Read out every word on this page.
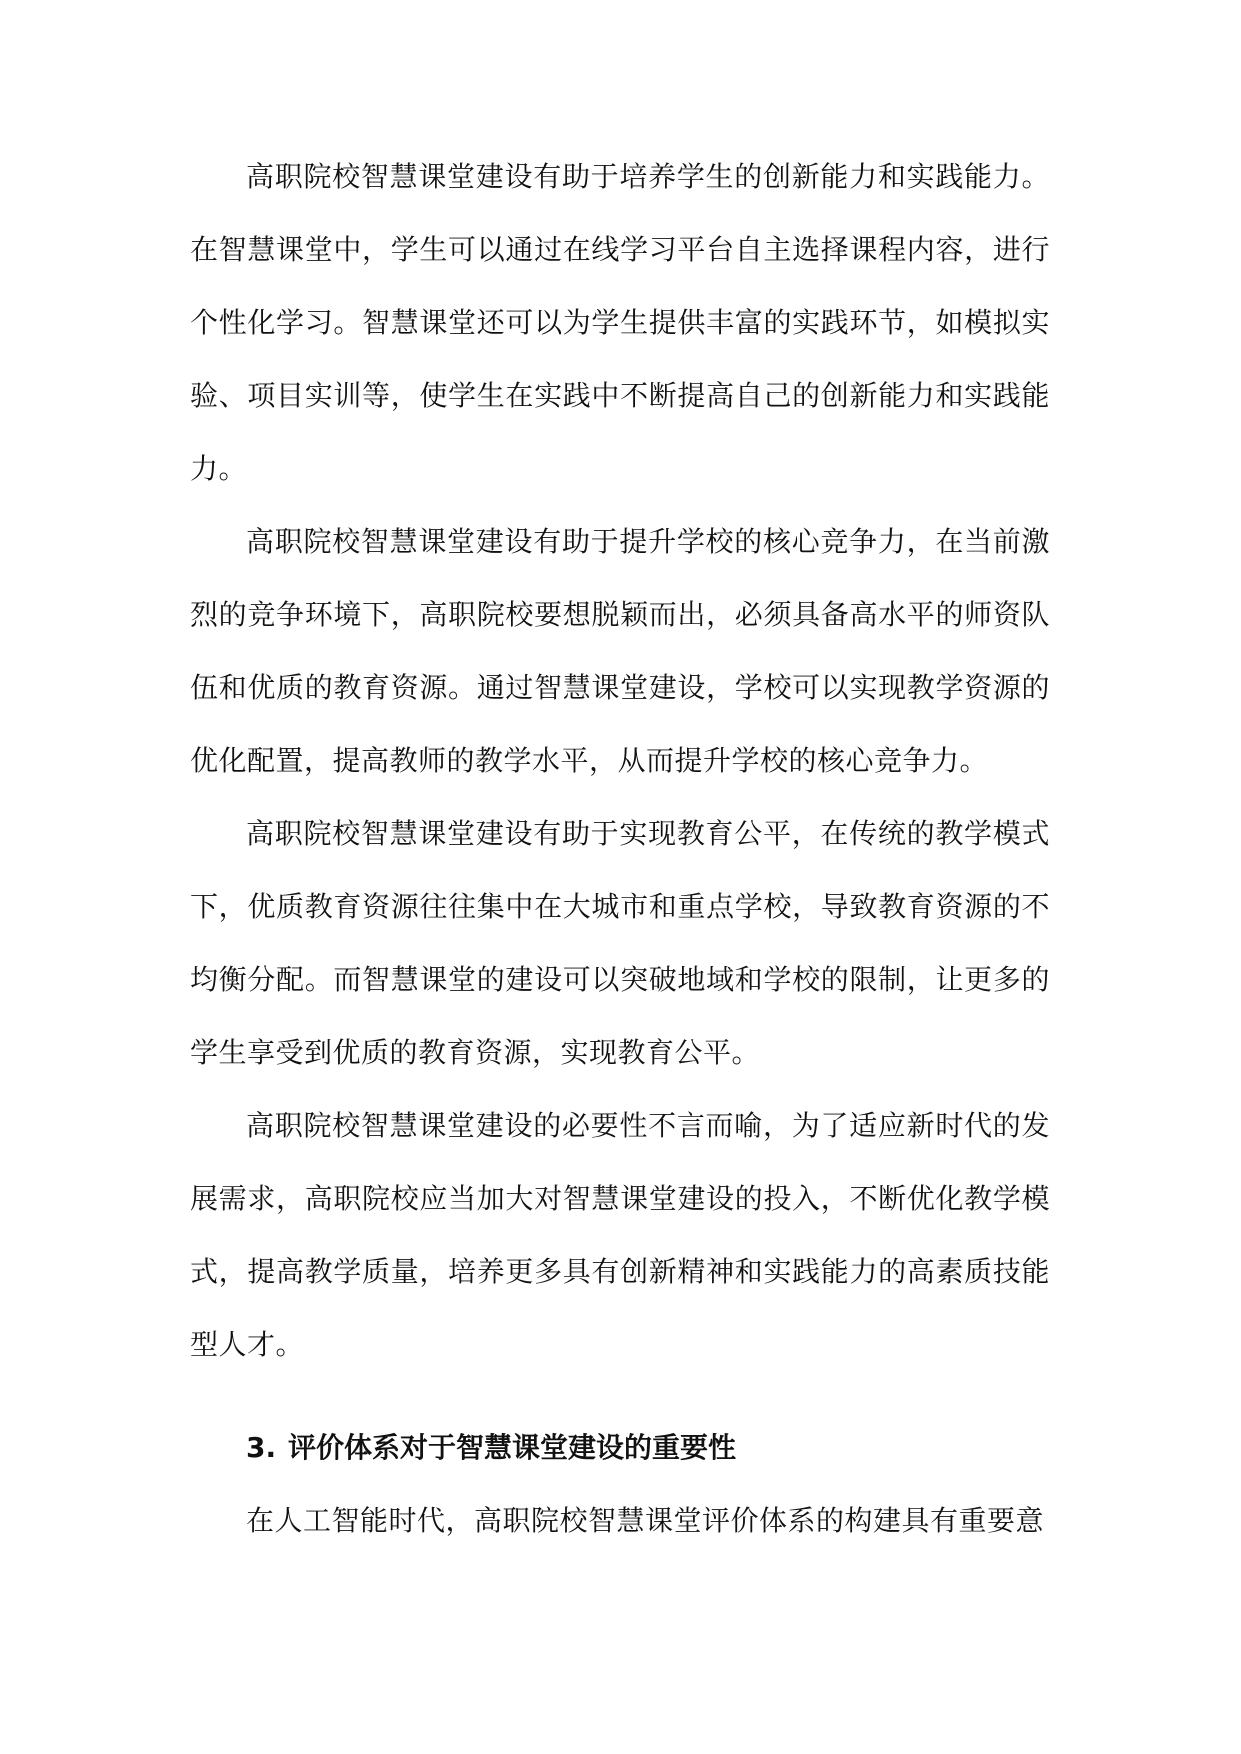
高职院校智慧课堂建设有助于培养学生的创新能力和实践能力。在智慧课堂中，学生可以通过在线学习平台自主选择课程内容，进行个性化学习。智慧课堂还可以为学生提供丰富的实践环节，如模拟实验、项目实训等，使学生在实践中不断提高自己的创新能力和实践能力。

高职院校智慧课堂建设有助于提升学校的核心竞争力，在当前激烈的竞争环境下，高职院校要想脱颖而出，必须具备高水平的师资队伍和优质的教育资源。通过智慧课堂建设，学校可以实现教学资源的优化配置，提高教师的教学水平，从而提升学校的核心竞争力。

高职院校智慧课堂建设有助于实现教育公平，在传统的教学模式下，优质教育资源往往集中在大城市和重点学校，导致教育资源的不均衡分配。而智慧课堂的建设可以突破地域和学校的限制，让更多的学生享受到优质的教育资源，实现教育公平。

高职院校智慧课堂建设的必要性不言而喻，为了适应新时代的发展需求，高职院校应当加大对智慧课堂建设的投入，不断优化教学模式，提高教学质量，培养更多具有创新精神和实践能力的高素质技能型人才。

3. 评价体系对于智慧课堂建设的重要性

在人工智能时代，高职院校智慧课堂评价体系的构建具有重要意
